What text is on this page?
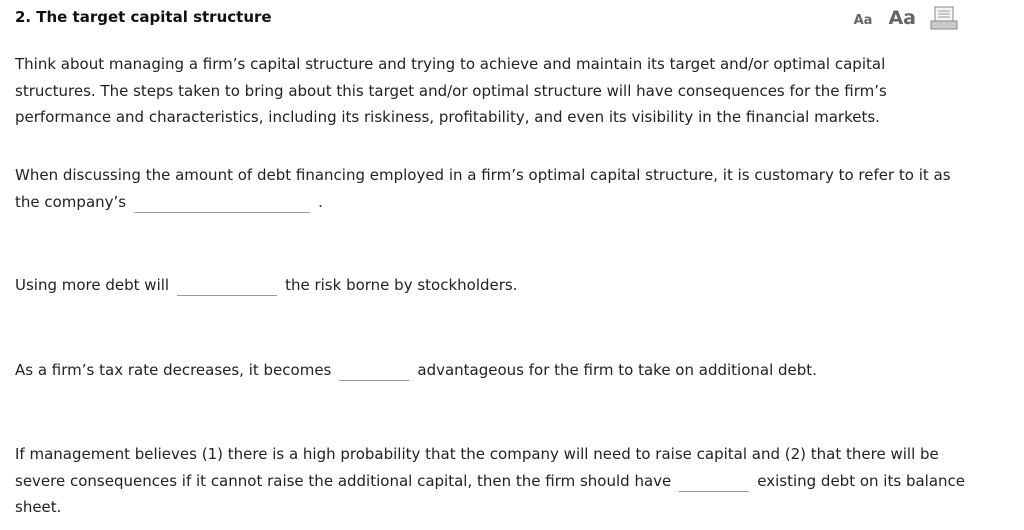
2. The target capital structure	Aa Aa

Think about managing a firm’s capital structure and trying to achieve and maintain its target and/or optimal capital structures. The steps taken to bring about this target and/or optimal structure will have consequences for the firm’s performance and characteristics, including its riskiness, profitability, and even its visibility in the financial markets.

When discussing the amount of debt financing employed in a firm’s optimal capital structure, it is customary to refer to it as the company’s	.

Using more debt will	the risk borne by stockholders.

As a firm’s tax rate decreases, it becomes	advantageous for the firm to take on additional debt.

If management believes (1) there is a high probability that the company will need to raise capital and (2) that there will be severe consequences if it cannot raise the additional capital, then the firm should have	existing debt on its balance sheet.
